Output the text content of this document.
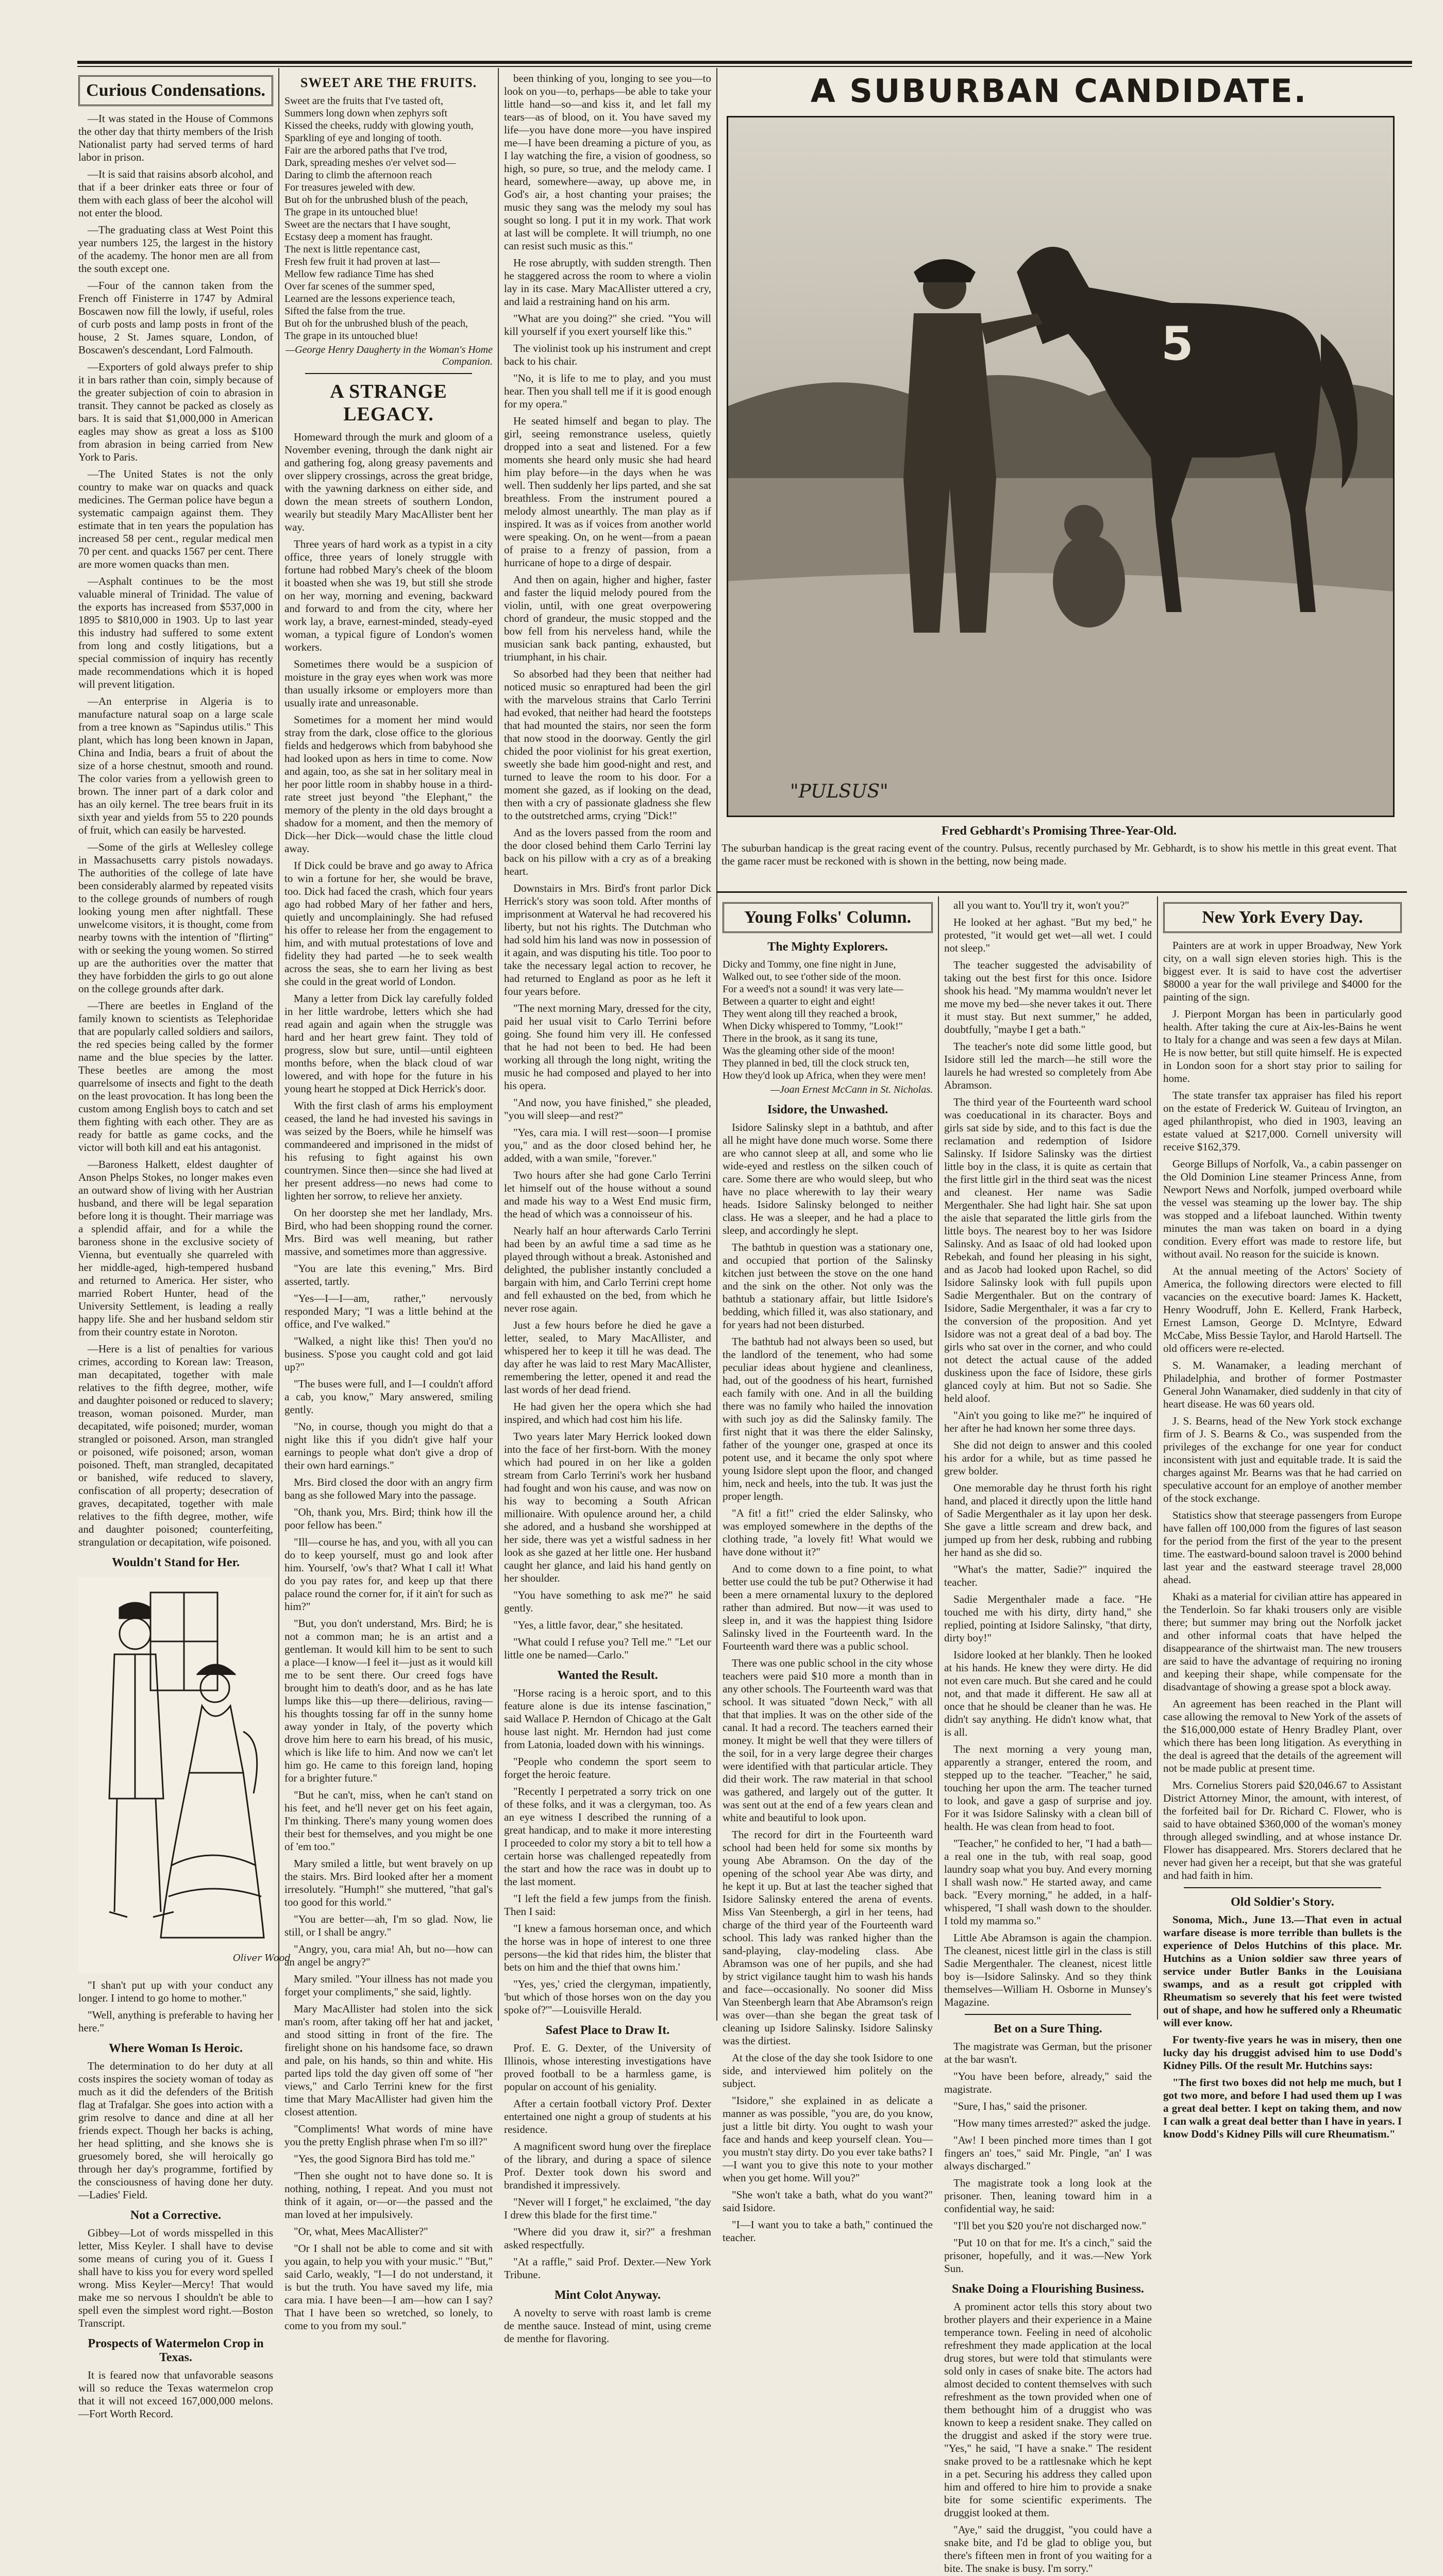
Curious Condensations.

—It was stated in the House of Commons the other day that thirty members of the Irish Nationalist party had served terms of hard labor in prison.

—It is said that raisins absorb alcohol, and that if a beer drinker eats three or four of them with each glass of beer the alcohol will not enter the blood.

—The graduating class at West Point this year numbers 125, the largest in the history of the academy. The honor men are all from the south except one.

—Four of the cannon taken from the French off Finisterre in 1747 by Admiral Boscawen now fill the lowly, if useful, roles of curb posts and lamp posts in front of the house, 2 St. James square, London, of Boscawen's descendant, Lord Falmouth.

—Exporters of gold always prefer to ship it in bars rather than coin, simply because of the greater subjection of coin to abrasion in transit. They cannot be packed as closely as bars. It is said that $1,000,000 in American eagles may show as great a loss as $100 from abrasion in being carried from New York to Paris.

—The United States is not the only country to make war on quacks and quack medicines. The German police have begun a systematic campaign against them. They estimate that in ten years the population has increased 58 per cent., regular medical men 70 per cent. and quacks 1567 per cent. There are more women quacks than men.

—Asphalt continues to be the most valuable mineral of Trinidad. The value of the exports has increased from $537,000 in 1895 to $810,000 in 1903. Up to last year this industry had suffered to some extent from long and costly litigations, but a special commission of inquiry has recently made recommendations which it is hoped will prevent litigation.

—An enterprise in Algeria is to manufacture natural soap on a large scale from a tree known as "Sapindus utilis." This plant, which has long been known in Japan, China and India, bears a fruit of about the size of a horse chestnut, smooth and round. The color varies from a yellowish green to brown. The inner part of a dark color and has an oily kernel. The tree bears fruit in its sixth year and yields from 55 to 220 pounds of fruit, which can easily be harvested.

—Some of the girls at Wellesley college in Massachusetts carry pistols nowadays. The authorities of the college of late have been considerably alarmed by repeated visits to the college grounds of numbers of rough looking young men after nightfall. These unwelcome visitors, it is thought, come from nearby towns with the intention of "flirting" with or seeking the young women. So stirred up are the authorities over the matter that they have forbidden the girls to go out alone on the college grounds after dark.

—There are beetles in England of the family known to scientists as Telephoridae that are popularly called soldiers and sailors, the red species being called by the former name and the blue species by the latter. These beetles are among the most quarrelsome of insects and fight to the death on the least provocation. It has long been the custom among English boys to catch and set them fighting with each other. They are as ready for battle as game cocks, and the victor will both kill and eat his antagonist.

—Baroness Halkett, eldest daughter of Anson Phelps Stokes, no longer makes even an outward show of living with her Austrian husband, and there will be legal separation before long it is thought. Their marriage was a splendid affair, and for a while the baroness shone in the exclusive society of Vienna, but eventually she quarreled with her middle-aged, high-tempered husband and returned to America. Her sister, who married Robert Hunter, head of the University Settlement, is leading a really happy life. She and her husband seldom stir from their country estate in Noroton.

—Here is a list of penalties for various crimes, according to Korean law: Treason, man decapitated, together with male relatives to the fifth degree, mother, wife and daughter poisoned or reduced to slavery; treason, woman poisoned. Murder, man decapitated, wife poisoned; murder, woman strangled or poisoned. Arson, man strangled or poisoned, wife poisoned; arson, woman poisoned. Theft, man strangled, decapitated or banished, wife reduced to slavery, confiscation of all property; desecration of graves, decapitated, together with male relatives to the fifth degree, mother, wife and daughter poisoned; counterfeiting, strangulation or decapitation, wife poisoned.

Wouldn't Stand for Her.
Oliver Wood

"I shan't put up with your conduct any longer. I intend to go home to mother."

"Well, anything is preferable to having her here."

Where Woman Is Heroic.

The determination to do her duty at all costs inspires the society woman of today as much as it did the defenders of the British flag at Trafalgar. She goes into action with a grim resolve to dance and dine at all her friends expect. Though her backs is aching, her head splitting, and she knows she is gruesomely bored, she will heroically go through her day's programme, fortified by the consciousness of having done her duty.—Ladies' Field.

Not a Corrective.

Gibbey—Lot of words misspelled in this letter, Miss Keyler. I shall have to devise some means of curing you of it. Guess I shall have to kiss you for every word spelled wrong. Miss Keyler—Mercy! That would make me so nervous I shouldn't be able to spell even the simplest word right.—Boston Transcript.

Prospects of Watermelon Crop in Texas.

It is feared now that unfavorable seasons will so reduce the Texas watermelon crop that it will not exceed 167,000,000 melons.—Fort Worth Record.

SWEET ARE THE FRUITS.
Sweet are the fruits that I've tasted oft,
Summers long down when zephyrs soft
Kissed the cheeks, ruddy with glowing youth,
Sparkling of eye and longing of tooth.
Fair are the arbored paths that I've trod,
Dark, spreading meshes o'er velvet sod—
Daring to climb the afternoon reach
For treasures jeweled with dew.
But oh for the unbrushed blush of the peach,
The grape in its untouched blue!
Sweet are the nectars that I have sought,
Ecstasy deep a moment has fraught.
The next is little repentance cast,
Fresh few fruit it had proven at last—
Mellow few radiance Time has shed
Over far scenes of the summer sped,
Learned are the lessons experience teach,
Sifted the false from the true.
But oh for the unbrushed blush of the peach,
The grape in its untouched blue!
—George Henry Daugherty in the Woman's Home Companion.
A STRANGE LEGACY.

Homeward through the murk and gloom of a November evening, through the dank night air and gathering fog, along greasy pavements and over slippery crossings, across the great bridge, with the yawning darkness on either side, and down the mean streets of southern London, wearily but steadily Mary MacAllister bent her way.

Three years of hard work as a typist in a city office, three years of lonely struggle with fortune had robbed Mary's cheek of the bloom it boasted when she was 19, but still she strode on her way, morning and evening, backward and forward to and from the city, where her work lay, a brave, earnest-minded, steady-eyed woman, a typical figure of London's women workers.

Sometimes there would be a suspicion of moisture in the gray eyes when work was more than usually irksome or employers more than usually irate and unreasonable.

Sometimes for a moment her mind would stray from the dark, close office to the glorious fields and hedgerows which from babyhood she had looked upon as hers in time to come. Now and again, too, as she sat in her solitary meal in her poor little room in shabby house in a third-rate street just beyond "the Elephant," the memory of the plenty in the old days brought a shadow for a moment, and then the memory of Dick—her Dick—would chase the little cloud away.

If Dick could be brave and go away to Africa to win a fortune for her, she would be brave, too. Dick had faced the crash, which four years ago had robbed Mary of her father and hers, quietly and uncomplainingly. She had refused his offer to release her from the engagement to him, and with mutual protestations of love and fidelity they had parted —he to seek wealth across the seas, she to earn her living as best she could in the great world of London.

Many a letter from Dick lay carefully folded in her little wardrobe, letters which she had read again and again when the struggle was hard and her heart grew faint. They told of progress, slow but sure, until—until eighteen months before, when the black cloud of war lowered, and with hope for the future in his young heart he stopped at Dick Herrick's door.

With the first clash of arms his employment ceased, the land he had invested his savings in was seized by the Boers, while he himself was commandeered and imprisoned in the midst of his refusing to fight against his own countrymen. Since then—since she had lived at her present address—no news had come to lighten her sorrow, to relieve her anxiety.

On her doorstep she met her landlady, Mrs. Bird, who had been shopping round the corner. Mrs. Bird was well meaning, but rather massive, and sometimes more than aggressive.

"You are late this evening," Mrs. Bird asserted, tartly.

"Yes—I—I—am, rather," nervously responded Mary; "I was a little behind at the office, and I've walked."

"Walked, a night like this! Then you'd no business. S'pose you caught cold and got laid up?"

"The buses were full, and I—I couldn't afford a cab, you know," Mary answered, smiling gently.

"No, in course, though you might do that a night like this if you didn't give half your earnings to people what don't give a drop of their own hard earnings."

Mrs. Bird closed the door with an angry firm bang as she followed Mary into the passage.

"Oh, thank you, Mrs. Bird; think how ill the poor fellow has been."

"Ill—course he has, and you, with all you can do to keep yourself, must go and look after him. Yourself, 'ow's that? What I call it! What do you pay rates for, and keep up that there palace round the corner for, if it ain't for such as him?"

"But, you don't understand, Mrs. Bird; he is not a common man; he is an artist and a gentleman. It would kill him to be sent to such a place—I know—I feel it—just as it would kill me to be sent there. Our creed fogs have brought him to death's door, and as he has late lumps like this—up there—delirious, raving—his thoughts tossing far off in the sunny home away yonder in Italy, of the poverty which drove him here to earn his bread, of his music, which is like life to him. And now we can't let him go. He came to this foreign land, hoping for a brighter future."

"But he can't, miss, when he can't stand on his feet, and he'll never get on his feet again, I'm thinking. There's many young women does their best for themselves, and you might be one of 'em too."

Mary smiled a little, but went bravely on up the stairs. Mrs. Bird looked after her a moment irresolutely. "Humph!" she muttered, "that gal's too good for this world."

"You are better—ah, I'm so glad. Now, lie still, or I shall be angry."

"Angry, you, cara mia! Ah, but no—how can an angel be angry?"

Mary smiled. "Your illness has not made you forget your compliments," she said, lightly.

Mary MacAllister had stolen into the sick man's room, after taking off her hat and jacket, and stood sitting in front of the fire. The firelight shone on his handsome face, so drawn and pale, on his hands, so thin and white. His parted lips told the day given off some of "her views," and Carlo Terrini knew for the first time that Mary MacAllister had given him the closest attention.

"Compliments! What words of mine have you the pretty English phrase when I'm so ill?"

"Yes, the good Signora Bird has told me."

"Then she ought not to have done so. It is nothing, nothing, I repeat. And you must not think of it again, or—or—the passed and the man loved at her impulsively.

"Or, what, Mees MacAllister?"

"Or I shall not be able to come and sit with you again, to help you with your music." "But," said Carlo, weakly, "I—I do not understand, it is but the truth. You have saved my life, mia cara mia. I have been—I am—how can I say? That I have been so wretched, so lonely, to come to you from my soul."

been thinking of you, longing to see you—to look on you—to, perhaps—be able to take your little hand—so—and kiss it, and let fall my tears—as of blood, on it. You have saved my life—you have done more—you have inspired me—I have been dreaming a picture of you, as I lay watching the fire, a vision of goodness, so high, so pure, so true, and the melody came. I heard, somewhere—away, up above me, in God's air, a host chanting your praises; the music they sang was the melody my soul has sought so long. I put it in my work. That work at last will be complete. It will triumph, no one can resist such music as this."

He rose abruptly, with sudden strength. Then he staggered across the room to where a violin lay in its case. Mary MacAllister uttered a cry, and laid a restraining hand on his arm.

"What are you doing?" she cried. "You will kill yourself if you exert yourself like this."

The violinist took up his instrument and crept back to his chair.

"No, it is life to me to play, and you must hear. Then you shall tell me if it is good enough for my opera."

He seated himself and began to play. The girl, seeing remonstrance useless, quietly dropped into a seat and listened. For a few moments she heard only music she had heard him play before—in the days when he was well. Then suddenly her lips parted, and she sat breathless. From the instrument poured a melody almost unearthly. The man play as if inspired. It was as if voices from another world were speaking. On, on he went—from a paean of praise to a frenzy of passion, from a hurricane of hope to a dirge of despair.

And then on again, higher and higher, faster and faster the liquid melody poured from the violin, until, with one great overpowering chord of grandeur, the music stopped and the bow fell from his nerveless hand, while the musician sank back panting, exhausted, but triumphant, in his chair.

So absorbed had they been that neither had noticed music so enraptured had been the girl with the marvelous strains that Carlo Terrini had evoked, that neither had heard the footsteps that had mounted the stairs, nor seen the form that now stood in the doorway. Gently the girl chided the poor violinist for his great exertion, sweetly she bade him good-night and rest, and turned to leave the room to his door. For a moment she gazed, as if looking on the dead, then with a cry of passionate gladness she flew to the outstretched arms, crying "Dick!"

And as the lovers passed from the room and the door closed behind them Carlo Terrini lay back on his pillow with a cry as of a breaking heart.

Downstairs in Mrs. Bird's front parlor Dick Herrick's story was soon told. After months of imprisonment at Waterval he had recovered his liberty, but not his rights. The Dutchman who had sold him his land was now in possession of it again, and was disputing his title. Too poor to take the necessary legal action to recover, he had returned to England as poor as he left it four years before.

"The next morning Mary, dressed for the city, paid her usual visit to Carlo Terrini before going. She found him very ill. He confessed that he had not been to bed. He had been working all through the long night, writing the music he had composed and played to her into his opera.

"And now, you have finished," she pleaded, "you will sleep—and rest?"

"Yes, cara mia. I will rest—soon—I promise you," and as the door closed behind her, he added, with a wan smile, "forever."

Two hours after she had gone Carlo Terrini let himself out of the house without a sound and made his way to a West End music firm, the head of which was a connoisseur of his.

Nearly half an hour afterwards Carlo Terrini had been by an awful time a sad time as he played through without a break. Astonished and delighted, the publisher instantly concluded a bargain with him, and Carlo Terrini crept home and fell exhausted on the bed, from which he never rose again.

Just a few hours before he died he gave a letter, sealed, to Mary MacAllister, and whispered her to keep it till he was dead. The day after he was laid to rest Mary MacAllister, remembering the letter, opened it and read the last words of her dead friend.

He had given her the opera which she had inspired, and which had cost him his life.

Two years later Mary Herrick looked down into the face of her first-born. With the money which had poured in on her like a golden stream from Carlo Terrini's work her husband had fought and won his cause, and was now on his way to becoming a South African millionaire. With opulence around her, a child she adored, and a husband she worshipped at her side, there was yet a wistful sadness in her look as she gazed at her little one. Her husband caught her glance, and laid his hand gently on her shoulder.

"You have something to ask me?" he said gently.

"Yes, a little favor, dear," she hesitated.

"What could I refuse you? Tell me." "Let our little one be named—Carlo."

Wanted the Result.

"Horse racing is a heroic sport, and to this feature alone is due its intense fascination," said Wallace P. Herndon of Chicago at the Galt house last night. Mr. Herndon had just come from Latonia, loaded down with his winnings.

"People who condemn the sport seem to forget the heroic feature.

"Recently I perpetrated a sorry trick on one of these folks, and it was a clergyman, too. As an eye witness I described the running of a great handicap, and to make it more interesting I proceeded to color my story a bit to tell how a certain horse was challenged repeatedly from the start and how the race was in doubt up to the last moment.

"I left the field a few jumps from the finish. Then I said:

"I knew a famous horseman once, and which the horse was in hope of interest to one three persons—the kid that rides him, the blister that bets on him and the thief that owns him.'

"Yes, yes,' cried the clergyman, impatiently, 'but which of those horses won on the day you spoke of?'"—Louisville Herald.

Safest Place to Draw It.

Prof. E. G. Dexter, of the University of Illinois, whose interesting investigations have proved football to be a harmless game, is popular on account of his geniality.

After a certain football victory Prof. Dexter entertained one night a group of students at his residence.

A magnificent sword hung over the fireplace of the library, and during a space of silence Prof. Dexter took down his sword and brandished it impressively.

"Never will I forget," he exclaimed, "the day I drew this blade for the first time."

"Where did you draw it, sir?" a freshman asked respectfully.

"At a raffle," said Prof. Dexter.—New York Tribune.

Mint Colot Anyway.

A novelty to serve with roast lamb is creme de menthe sauce. Instead of mint, using creme de menthe for flavoring.

A SUBURBAN CANDIDATE.
5
"PULSUS"
Fred Gebhardt's Promising Three-Year-Old.
The suburban handicap is the great racing event of the country. Pulsus, recently purchased by Mr. Gebhardt, is to show his mettle in this great event. That the game racer must be reckoned with is shown in the betting, now being made.
Young Folks' Column.
The Mighty Explorers.
Dicky and Tommy, one fine night in June,
Walked out, to see t'other side of the moon.
For a weed's not a sound! it was very late—
Between a quarter to eight and eight!
They went along till they reached a brook,
When Dicky whispered to Tommy, "Look!"
There in the brook, as it sang its tune,
Was the gleaming other side of the moon!
They planned in bed, till the clock struck ten,
How they'd look up Africa, when they were men!
—Joan Ernest McCann in St. Nicholas.
Isidore, the Unwashed.

Isidore Salinsky slept in a bathtub, and after all he might have done much worse. Some there are who cannot sleep at all, and some who lie wide-eyed and restless on the silken couch of care. Some there are who would sleep, but who have no place wherewith to lay their weary heads. Isidore Salinsky belonged to neither class. He was a sleeper, and he had a place to sleep, and accordingly he slept.

The bathtub in question was a stationary one, and occupied that portion of the Salinsky kitchen just between the stove on the one hand and the sink on the other. Not only was the bathtub a stationary affair, but little Isidore's bedding, which filled it, was also stationary, and for years had not been disturbed.

The bathtub had not always been so used, but the landlord of the tenement, who had some peculiar ideas about hygiene and cleanliness, had, out of the goodness of his heart, furnished each family with one. And in all the building there was no family who hailed the innovation with such joy as did the Salinsky family. The first night that it was there the elder Salinsky, father of the younger one, grasped at once its potent use, and it became the only spot where young Isidore slept upon the floor, and changed him, neck and heels, into the tub. It was just the proper length.

"A fit! a fit!" cried the elder Salinsky, who was employed somewhere in the depths of the clothing trade, "a lovely fit! What would we have done without it?"

And to come down to a fine point, to what better use could the tub be put? Otherwise it had been a mere ornamental luxury to the deplored rather than admired. But now—it was used to sleep in, and it was the happiest thing Isidore Salinsky lived in the Fourteenth ward. In the Fourteenth ward there was a public school.

There was one public school in the city whose teachers were paid $10 more a month than in any other schools. The Fourteenth ward was that school. It was situated "down Neck," with all that that implies. It was on the other side of the canal. It had a record. The teachers earned their money. It might be well that they were tillers of the soil, for in a very large degree their charges were identified with that particular article. They did their work. The raw material in that school was gathered, and largely out of the gutter. It was sent out at the end of a few years clean and white and beautiful to look upon.

The record for dirt in the Fourteenth ward school had been held for some six months by young Abe Abramson. On the day of the opening of the school year Abe was dirty, and he kept it up. But at last the teacher sighed that Isidore Salinsky entered the arena of events. Miss Van Steenbergh, a girl in her teens, had charge of the third year of the Fourteenth ward school. This lady was ranked higher than the sand-playing, clay-modeling class. Abe Abramson was one of her pupils, and she had by strict vigilance taught him to wash his hands and face—occasionally. No sooner did Miss Van Steenbergh learn that Abe Abramson's reign was over—than she began the great task of cleaning up Isidore Salinsky. Isidore Salinsky was the dirtiest.

At the close of the day she took Isidore to one side, and interviewed him politely on the subject.

"Isidore," she explained in as delicate a manner as was possible, "you are, do you know, just a little bit dirty. You ought to wash your face and hands and keep yourself clean. You—you mustn't stay dirty. Do you ever take baths? I—I want you to give this note to your mother when you get home. Will you?"

"She won't take a bath, what do you want?" said Isidore.

"I—I want you to take a bath," continued the teacher.

all you want to. You'll try it, won't you?"

He looked at her aghast. "But my bed," he protested, "it would get wet—all wet. I could not sleep."

The teacher suggested the advisability of taking out the best first for this once. Isidore shook his head. "My mamma wouldn't never let me move my bed—she never takes it out. There it must stay. But next summer," he added, doubtfully, "maybe I get a bath."

The teacher's note did some little good, but Isidore still led the march—he still wore the laurels he had wrested so completely from Abe Abramson.

The third year of the Fourteenth ward school was coeducational in its character. Boys and girls sat side by side, and to this fact is due the reclamation and redemption of Isidore Salinsky. If Isidore Salinsky was the dirtiest little boy in the class, it is quite as certain that the first little girl in the third seat was the nicest and cleanest. Her name was Sadie Mergenthaler. She had light hair. She sat upon the aisle that separated the little girls from the little boys. The nearest boy to her was Isidore Salinsky. And as Isaac of old had looked upon Rebekah, and found her pleasing in his sight, and as Jacob had looked upon Rachel, so did Isidore Salinsky look with full pupils upon Sadie Mergenthaler. But on the contrary of Isidore, Sadie Mergenthaler, it was a far cry to the conversion of the proposition. And yet Isidore was not a great deal of a bad boy. The girls who sat over in the corner, and who could not detect the actual cause of the added duskiness upon the face of Isidore, these girls glanced coyly at him. But not so Sadie. She held aloof.

"Ain't you going to like me?" he inquired of her after he had known her some three days.

She did not deign to answer and this cooled his ardor for a while, but as time passed he grew bolder.

One memorable day he thrust forth his right hand, and placed it directly upon the little hand of Sadie Mergenthaler as it lay upon her desk. She gave a little scream and drew back, and jumped up from her desk, rubbing and rubbing her hand as she did so.

"What's the matter, Sadie?" inquired the teacher.

Sadie Mergenthaler made a face. "He touched me with his dirty, dirty hand," she replied, pointing at Isidore Salinsky, "that dirty, dirty boy!"

Isidore looked at her blankly. Then he looked at his hands. He knew they were dirty. He did not even care much. But she cared and he could not, and that made it different. He saw all at once that he should be cleaner than he was. He didn't say anything. He didn't know what, that is all.

The next morning a very young man, apparently a stranger, entered the room, and stepped up to the teacher. "Teacher," he said, touching her upon the arm. The teacher turned to look, and gave a gasp of surprise and joy. For it was Isidore Salinsky with a clean bill of health. He was clean from head to foot.

"Teacher," he confided to her, "I had a bath—a real one in the tub, with real soap, good laundry soap what you buy. And every morning I shall wash now." He started away, and came back. "Every morning," he added, in a half-whispered, "I shall wash down to the shoulder. I told my mamma so."

Little Abe Abramson is again the champion. The cleanest, nicest little girl in the class is still Sadie Mergenthaler. The cleanest, nicest little boy is—Isidore Salinsky. And so they think themselves—William H. Osborne in Munsey's Magazine.

Bet on a Sure Thing.

The magistrate was German, but the prisoner at the bar wasn't.

"You have been before, already," said the magistrate.

"Sure, I has," said the prisoner.

"How many times arrested?" asked the judge.

"Aw! I been pinched more times than I got fingers an' toes," said Mr. Pingle, "an' I was always discharged."

The magistrate took a long look at the prisoner. Then, leaning toward him in a confidential way, he said:

"I'll bet you $20 you're not discharged now."

"Put 10 on that for me. It's a cinch," said the prisoner, hopefully, and it was.—New York Sun.

Snake Doing a Flourishing Business.

A prominent actor tells this story about two brother players and their experience in a Maine temperance town. Feeling in need of alcoholic refreshment they made application at the local drug stores, but were told that stimulants were sold only in cases of snake bite. The actors had almost decided to content themselves with such refreshment as the town provided when one of them bethought him of a druggist who was known to keep a resident snake. They called on the druggist and asked if the story were true. "Yes," he said, "I have a snake." The resident snake proved to be a rattlesnake which he kept in a pet. Securing his address they called upon him and offered to hire him to provide a snake bite for some scientific experiments. The druggist looked at them.

"Aye," said the druggist, "you could have a snake bite, and I'd be glad to oblige you, but there's fifteen men in front of you waiting for a bite. The snake is busy. I'm sorry."

New York Every Day.

Painters are at work in upper Broadway, New York city, on a wall sign eleven stories high. This is the biggest ever. It is said to have cost the advertiser $8000 a year for the wall privilege and $4000 for the painting of the sign.

J. Pierpont Morgan has been in particularly good health. After taking the cure at Aix-les-Bains he went to Italy for a change and was seen a few days at Milan. He is now better, but still quite himself. He is expected in London soon for a short stay prior to sailing for home.

The state transfer tax appraiser has filed his report on the estate of Frederick W. Guiteau of Irvington, an aged philanthropist, who died in 1903, leaving an estate valued at $217,000. Cornell university will receive $162,379.

George Billups of Norfolk, Va., a cabin passenger on the Old Dominion Line steamer Princess Anne, from Newport News and Norfolk, jumped overboard while the vessel was steaming up the lower bay. The ship was stopped and a lifeboat launched. Within twenty minutes the man was taken on board in a dying condition. Every effort was made to restore life, but without avail. No reason for the suicide is known.

At the annual meeting of the Actors' Society of America, the following directors were elected to fill vacancies on the executive board: James K. Hackett, Henry Woodruff, John E. Kellerd, Frank Harbeck, Ernest Lamson, George D. McIntyre, Edward McCabe, Miss Bessie Taylor, and Harold Hartsell. The old officers were re-elected.

S. M. Wanamaker, a leading merchant of Philadelphia, and brother of former Postmaster General John Wanamaker, died suddenly in that city of heart disease. He was 60 years old.

J. S. Bearns, head of the New York stock exchange firm of J. S. Bearns & Co., was suspended from the privileges of the exchange for one year for conduct inconsistent with just and equitable trade. It is said the charges against Mr. Bearns was that he had carried on speculative account for an employe of another member of the stock exchange.

Statistics show that steerage passengers from Europe have fallen off 100,000 from the figures of last season for the period from the first of the year to the present time. The eastward-bound saloon travel is 2000 behind last year and the eastward steerage travel 28,000 ahead.

Khaki as a material for civilian attire has appeared in the Tenderloin. So far khaki trousers only are visible there; but summer may bring out the Norfolk jacket and other informal coats that have helped the disappearance of the shirtwaist man. The new trousers are said to have the advantage of requiring no ironing and keeping their shape, while compensate for the disadvantage of showing a grease spot a block away.

An agreement has been reached in the Plant will case allowing the removal to New York of the assets of the $16,000,000 estate of Henry Bradley Plant, over which there has been long litigation. As everything in the deal is agreed that the details of the agreement will not be made public at present time.

Mrs. Cornelius Storers paid $20,046.67 to Assistant District Attorney Minor, the amount, with interest, of the forfeited bail for Dr. Richard C. Flower, who is said to have obtained $360,000 of the woman's money through alleged swindling, and at whose instance Dr. Flower has disappeared. Mrs. Storers declared that he never had given her a receipt, but that she was grateful and had faith in him.

Old Soldier's Story.

Sonoma, Mich., June 13.—That even in actual warfare disease is more terrible than bullets is the experience of Delos Hutchins of this place. Mr. Hutchins as a Union soldier saw three years of service under Butler Banks in the Louisiana swamps, and as a result got crippled with Rheumatism so severely that his feet were twisted out of shape, and how he suffered only a Rheumatic will ever know.

For twenty-five years he was in misery, then one lucky day his druggist advised him to use Dodd's Kidney Pills. Of the result Mr. Hutchins says:

"The first two boxes did not help me much, but I got two more, and before I had used them up I was a great deal better. I kept on taking them, and now I can walk a great deal better than I have in years. I know Dodd's Kidney Pills will cure Rheumatism."
